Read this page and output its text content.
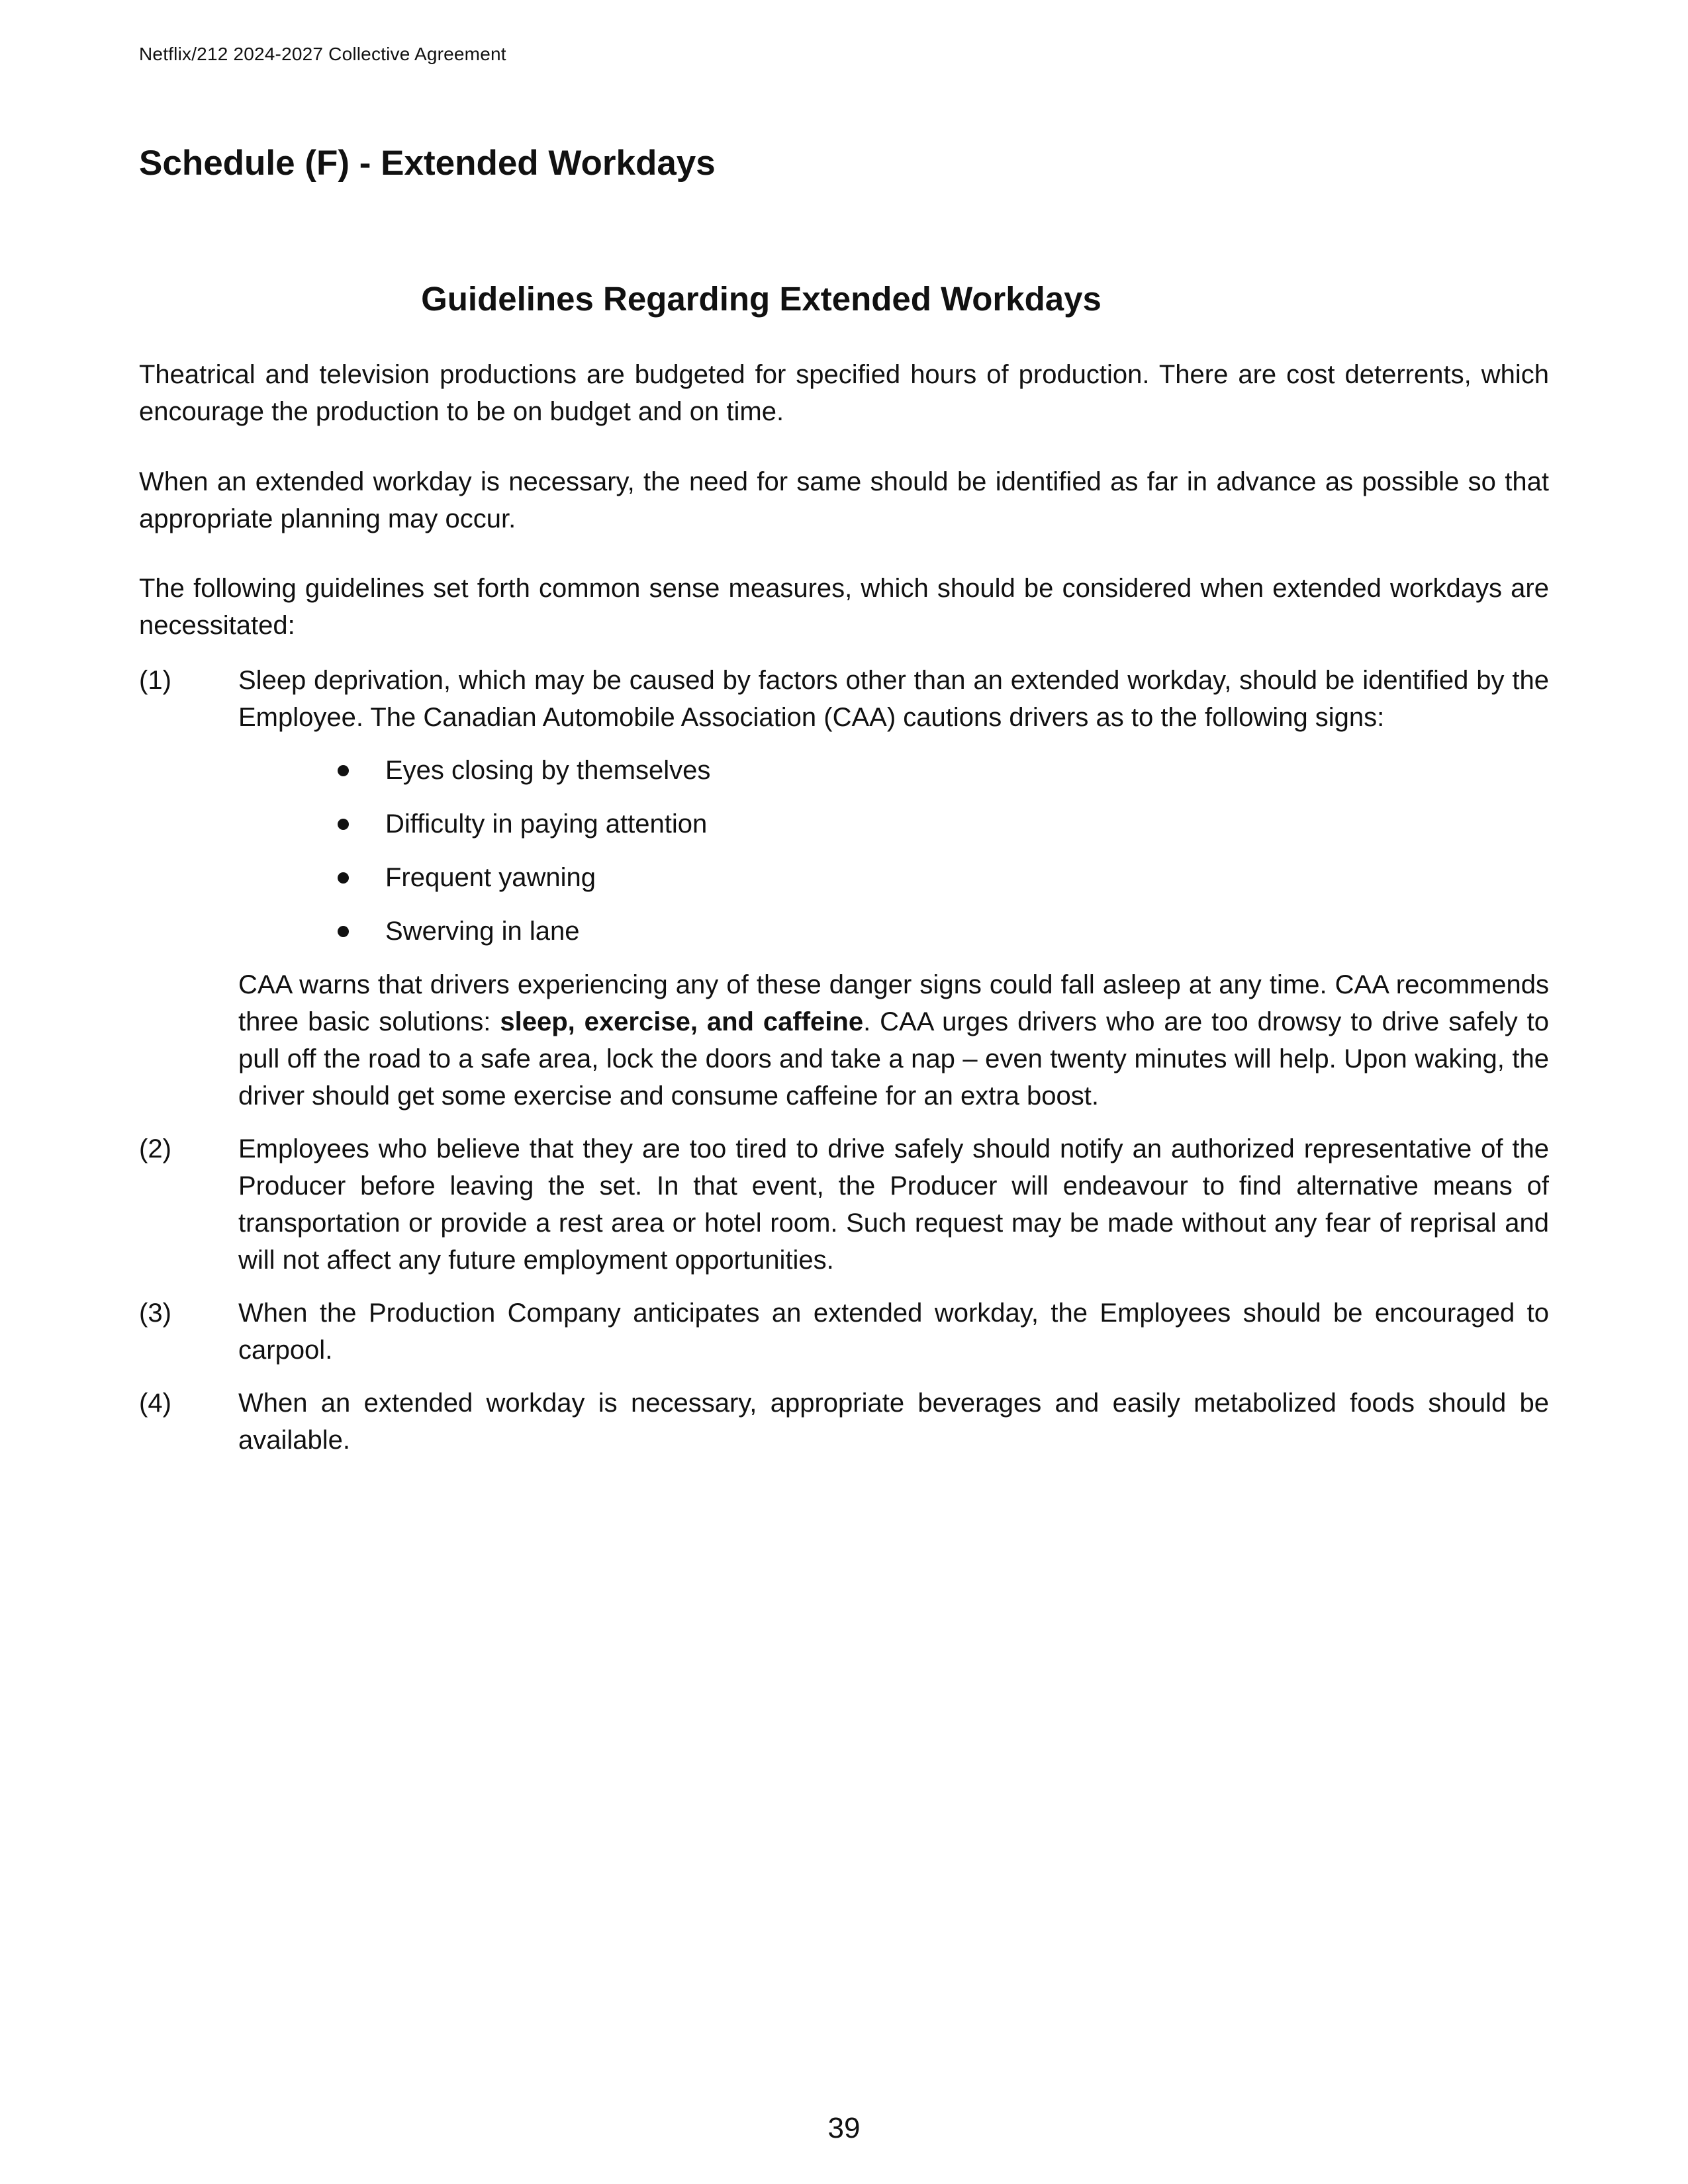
Netflix/212 2024-2027 Collective Agreement
Schedule (F) - Extended Workdays
Guidelines Regarding Extended Workdays

Theatrical and television productions are budgeted for specified hours of production. There are cost deterrents, which encourage the production to be on budget and on time.

When an extended workday is necessary, the need for same should be identified as far in advance as possible so that appropriate planning may occur.

The following guidelines set forth common sense measures, which should be considered when extended workdays are necessitated:

(1)	Sleep deprivation, which may be caused by factors other than an extended workday, should be identified by the Employee. The Canadian Automobile Association (CAA) cautions drivers as to the following signs:

Eyes closing by themselves
Difficulty in paying attention
Frequent yawning
Swerving in lane

CAA warns that drivers experiencing any of these danger signs could fall asleep at any time. CAA recommends three basic solutions: sleep, exercise, and caffeine. CAA urges drivers who are too drowsy to drive safely to pull off the road to a safe area, lock the doors and take a nap – even twenty minutes will help. Upon waking, the driver should get some exercise and consume caffeine for an extra boost.

(2)	Employees who believe that they are too tired to drive safely should notify an authorized representative of the Producer before leaving the set. In that event, the Producer will endeavour to find alternative means of transportation or provide a rest area or hotel room. Such request may be made without any fear of reprisal and will not affect any future employment opportunities.

(3)	When the Production Company anticipates an extended workday, the Employees should be encouraged to carpool.

(4)	When an extended workday is necessary, appropriate beverages and easily metabolized foods should be available.

39
